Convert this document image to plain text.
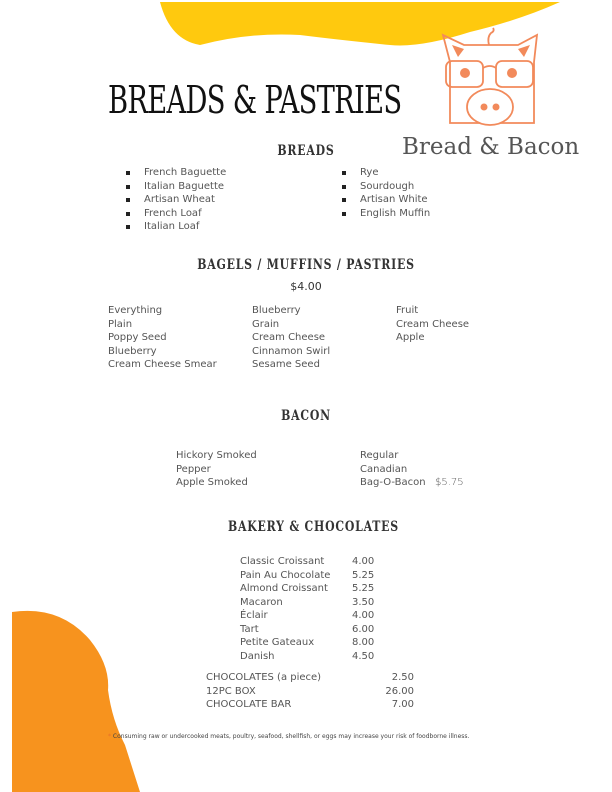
Bread & Bacon
BREADS & PASTRIES
BREADS
French Baguette
Italian Baguette
Artisan Wheat
French Loaf
Italian Loaf
Rye
Sourdough
Artisan White
English Muffin
BAGELS / MUFFINS / PASTRIES
$4.00
Everything
Plain
Poppy Seed
Blueberry
Cream Cheese Smear
Blueberry
Grain
Cream Cheese
Cinnamon Swirl
Sesame Seed
Fruit
Cream Cheese
Apple
BACON
Hickory Smoked
Pepper
Apple Smoked
Regular
Canadian
Bag-O-Bacon $5.75
BAKERY & CHOCOLATES
Classic Croissant	4.00
Pain Au Chocolate	5.25
Almond Croissant	5.25
Macaron	3.50
Éclair	4.00
Tart	6.00
Petite Gateaux	8.00
Danish	4.50
CHOCOLATES (a piece)	2.50
12PC BOX	26.00
CHOCOLATE BAR	7.00
* Consuming raw or undercooked meats, poultry, seafood, shellfish, or eggs may increase your risk of foodborne illness.
